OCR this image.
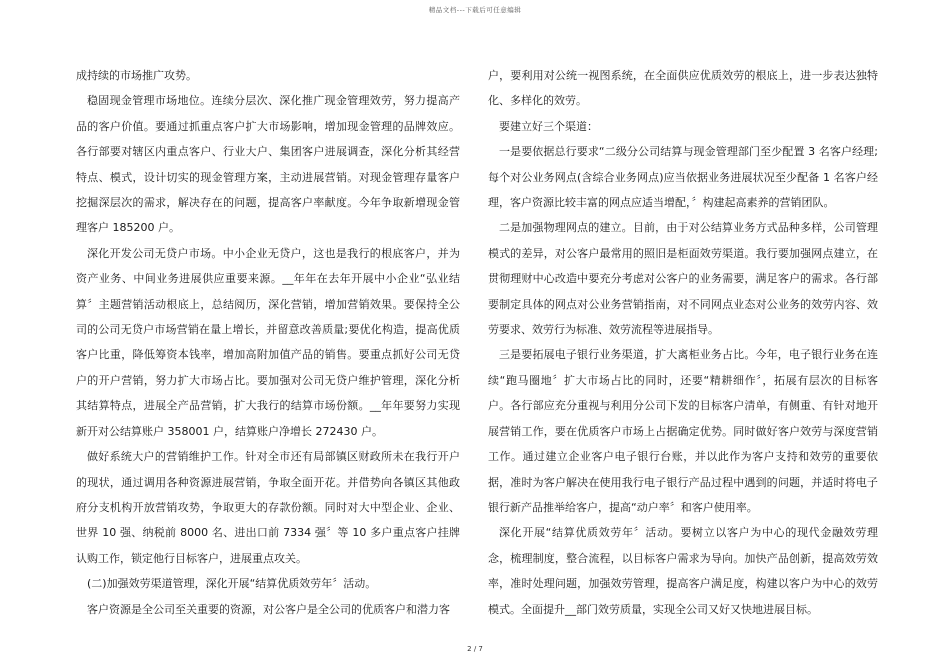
精品文档---下载后可任意编辑

成持续的市场推广攻势。

稳固现金管理市场地位。连续分层次、深化推广现金管理效劳，努力提高产品的客户价值。要通过抓重点客户扩大市场影响，增加现金管理的品牌效应。各行部要对辖区内重点客户、行业大户、集团客户进展调查，深化分析其经营特点、模式，设计切实的现金管理方案，主动进展营销。对现金管理存量客户挖掘深层次的需求，解决存在的问题，提高客户率献度。今年争取新增现金管理客户 185200 户。

深化开发公司无贷户市场。中小企业无贷户，这也是我行的根底客户，并为资产业务、中间业务进展供应重要来源。__年年在去年开展中小企业“弘业结算〞主题营销活动根底上，总结阅历，深化营销，增加营销效果。要保持全公司的公司无贷户市场营销在量上增长，并留意改善质量;要优化构造，提高优质客户比重，降低筹资本钱率，增加高附加值产品的销售。要重点抓好公司无贷户的开户营销，努力扩大市场占比。要加强对公司无贷户维护管理，深化分析其结算特点，进展全产品营销，扩大我行的结算市场份额。__年年要努力实现新开对公结算账户 358001 户，结算账户净增长 272430 户。

做好系统大户的营销维护工作。针对全市还有局部镇区财政所未在我行开户的现状，通过调用各种资源进展营销，争取全面开花。并借势向各镇区其他政府分支机构开放营销攻势，争取更大的存款份额。同时对大中型企业、企业、世界 10 强、纳税前 8000 名、进出口前 7334 强〞等 10 多户重点客户挂牌认购工作，锁定他行目标客户，进展重点攻关。

(二)加强效劳渠道管理，深化开展“结算优质效劳年〞活动。

客户资源是全公司至关重要的资源，对公客户是全公司的优质客户和潜力客

户，要利用对公统一视图系统，在全面供应优质效劳的根底上，进一步表达独特化、多样化的效劳。

要建立好三个渠道：

一是要依据总行要求“二级分公司结算与现金管理部门至少配置 3 名客户经理;每个对公业务网点(含综合业务网点)应当依据业务进展状况至少配备 1 名客户经理，客户资源比较丰富的网点应适当增配，〞构建起高素养的营销团队。

二是加强物理网点的建立。目前，由于对公结算业务方式品种多样，公司管理模式的差异，对公客户最常用的照旧是柜面效劳渠道。我行要加强网点建立，在贯彻理财中心改造中要充分考虑对公客户的业务需要，满足客户的需求。各行部要制定具体的网点对公业务营销指南，对不同网点业态对公业务的效劳内容、效劳要求、效劳行为标准、效劳流程等进展指导。

三是要拓展电子银行业务渠道，扩大离柜业务占比。今年，电子银行业务在连续“跑马圈地〞扩大市场占比的同时，还要“精耕细作〞，拓展有层次的目标客户。各行部应充分重视与利用分公司下发的目标客户清单，有侧重、有针对地开展营销工作，要在优质客户市场上占据确定优势。同时做好客户效劳与深度营销工作。通过建立企业客户电子银行台账，并以此作为客户支持和效劳的重要依据，准时为客户解决在使用我行电子银行产品过程中遇到的问题，并适时将电子银行新产品推举给客户，提高“动户率〞和客户使用率。

深化开展“结算优质效劳年〞活动。要树立以客户为中心的现代金融效劳理念，梳理制度，整合流程，以目标客户需求为导向。加快产品创新，提高效劳效率，准时处理问题，加强效劳管理，提高客户满足度，构建以客户为中心的效劳模式。全面提升__部门效劳质量，实现全公司又好又快地进展目标。

2 / 7
